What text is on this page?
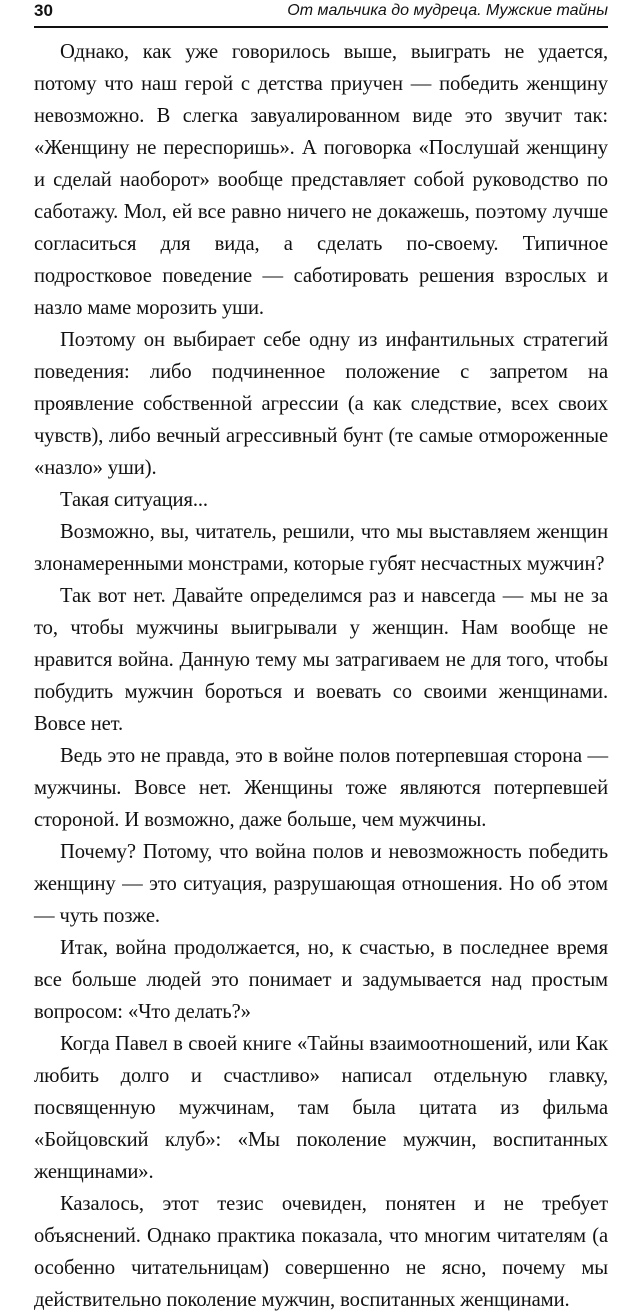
30	От мальчика до мудреца. Мужские тайны

Однако, как уже говорилось выше, выиграть не удается, потому что наш герой с детства приучен — победить женщину невозможно. В слегка завуалированном виде это звучит так: «Женщину не переспоришь». А поговорка «Послушай женщину и сделай наоборот» вообще представляет собой руководство по саботажу. Мол, ей все равно ничего не докажешь, поэтому лучше согласиться для вида, а сделать по-своему. Типичное подростковое поведение — саботировать решения взрослых и назло маме морозить уши.

Поэтому он выбирает себе одну из инфантильных стратегий поведения: либо подчиненное положение с запретом на проявление собственной агрессии (а как следствие, всех своих чувств), либо вечный агрессивный бунт (те самые отмороженные «назло» уши).

Такая ситуация...

Возможно, вы, читатель, решили, что мы выставляем женщин злонамеренными монстрами, которые губят несчастных мужчин?

Так вот нет. Давайте определимся раз и навсегда — мы не за то, чтобы мужчины выигрывали у женщин. Нам вообще не нравится война. Данную тему мы затрагиваем не для того, чтобы побудить мужчин бороться и воевать со своими женщинами. Вовсе нет.

Ведь это не правда, это в войне полов потерпевшая сторона — мужчины. Вовсе нет. Женщины тоже являются потерпевшей стороной. И возможно, даже больше, чем мужчины.

Почему? Потому, что война полов и невозможность победить женщину — это ситуация, разрушающая отношения. Но об этом — чуть позже.

Итак, война продолжается, но, к счастью, в последнее время все больше людей это понимает и задумывается над простым вопросом: «Что делать?»

Когда Павел в своей книге «Тайны взаимоотношений, или Как любить долго и счастливо» написал отдельную главку, посвященную мужчинам, там была цитата из фильма «Бойцовский клуб»: «Мы поколение мужчин, воспитанных женщинами».

Казалось, этот тезис очевиден, понятен и не требует объяснений. Однако практика показала, что многим читателям (а особенно читательницам) совершенно не ясно, почему мы действительно поколение мужчин, воспитанных женщинами.
